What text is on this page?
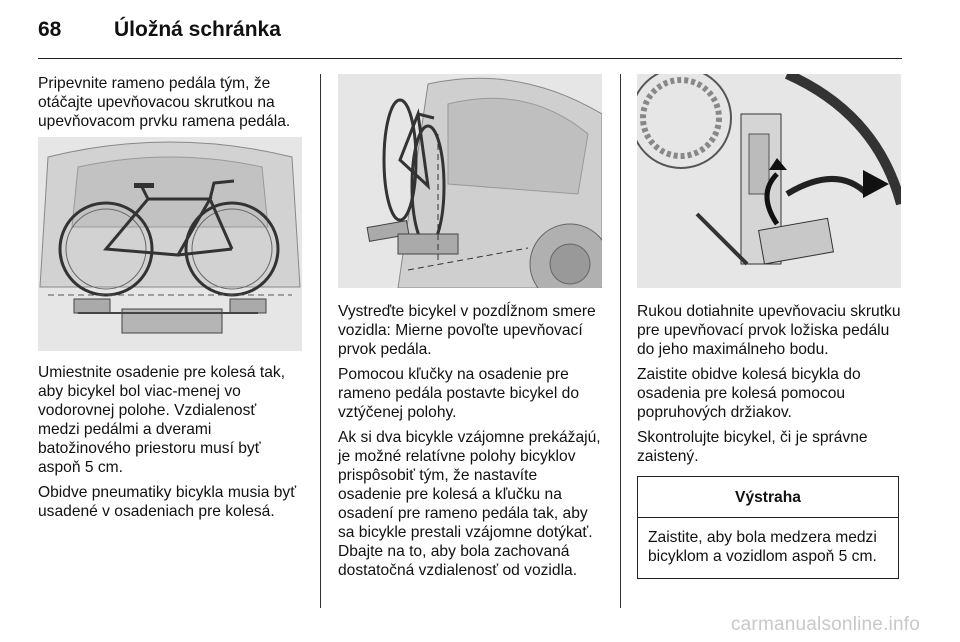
68	Úložná schránka

Pripevnite rameno pedála tým, že otáčajte upevňovacou skrutkou na upevňovacom prvku ramena pedála.

Umiestnite osadenie pre kolesá tak, aby bicykel bol viac-menej vo vodorovnej polohe. Vzdialenosť medzi pedálmi a dverami batožinového priestoru musí byť aspoň 5 cm.

Obidve pneumatiky bicykla musia byť usadené v osadeniach pre kolesá.

Vystreďte bicykel v pozdĺžnom smere vozidla: Mierne povoľte upevňovací prvok pedála.

Pomocou kľučky na osadenie pre rameno pedála postavte bicykel do vztýčenej polohy.

Ak si dva bicykle vzájomne prekážajú, je možné relatívne polohy bicyklov prispôsobiť tým, že nastavíte osadenie pre kolesá a kľučku na osadení pre rameno pedála tak, aby sa bicykle prestali vzájomne dotýkať. Dbajte na to, aby bola zachovaná dostatočná vzdialenosť od vozidla.

Rukou dotiahnite upevňovaciu skrutku pre upevňovací prvok ložiska pedálu do jeho maximálneho bodu.

Zaistite obidve kolesá bicykla do osadenia pre kolesá pomocou popruhových držiakov.

Skontrolujte bicykel, či je správne zaistený.

Výstraha
Zaistite, aby bola medzera medzi bicyklom a vozidlom aspoň 5 cm.
carmanualsonline.info
